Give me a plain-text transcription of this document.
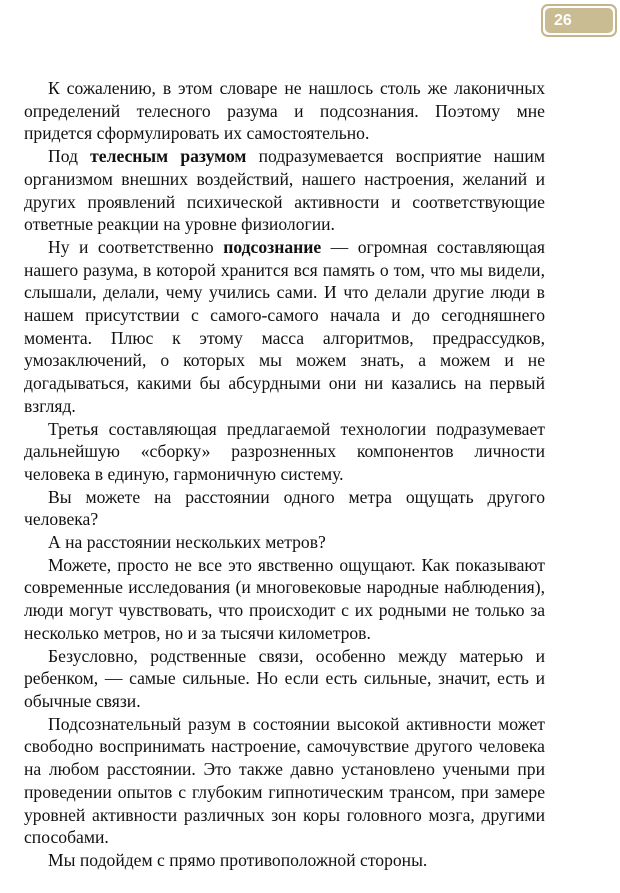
26

К сожалению, в этом словаре не нашлось столь же лаконичных определений телесного разума и подсознания. Поэтому мне придется сформулировать их самостоятельно.

Под телесным разумом подразумевается восприятие нашим организмом внешних воздействий, нашего настроения, желаний и других проявлений психической активности и соответствующие ответные реакции на уровне физиологии.

Ну и соответственно подсознание — огромная составляющая нашего разума, в которой хранится вся память о том, что мы видели, слышали, делали, чему учились сами. И что делали другие люди в нашем присутствии с самого-самого начала и до сегодняшнего момента. Плюс к этому масса алгоритмов, предрассудков, умозаключений, о которых мы можем знать, а можем и не догадываться, какими бы абсурдными они ни казались на первый взгляд.

Третья составляющая предлагаемой технологии подразумевает дальнейшую «сборку» разрозненных компонентов личности человека в единую, гармоничную систему.

Вы можете на расстоянии одного метра ощущать другого человека?

А на расстоянии нескольких метров?

Можете, просто не все это явственно ощущают. Как показывают современные исследования (и многовековые народные наблюдения), люди могут чувствовать, что происходит с их родными не только за несколько метров, но и за тысячи километров.

Безусловно, родственные связи, особенно между матерью и ребенком, — самые сильные. Но если есть сильные, значит, есть и обычные связи.

Подсознательный разум в состоянии высокой активности может свободно воспринимать настроение, самочувствие другого человека на любом расстоянии. Это также давно установлено учеными при проведении опытов с глубоким гипнотическим трансом, при замере уровней активности различных зон коры головного мозга, другими способами.

Мы подойдем с прямо противоположной стороны.
